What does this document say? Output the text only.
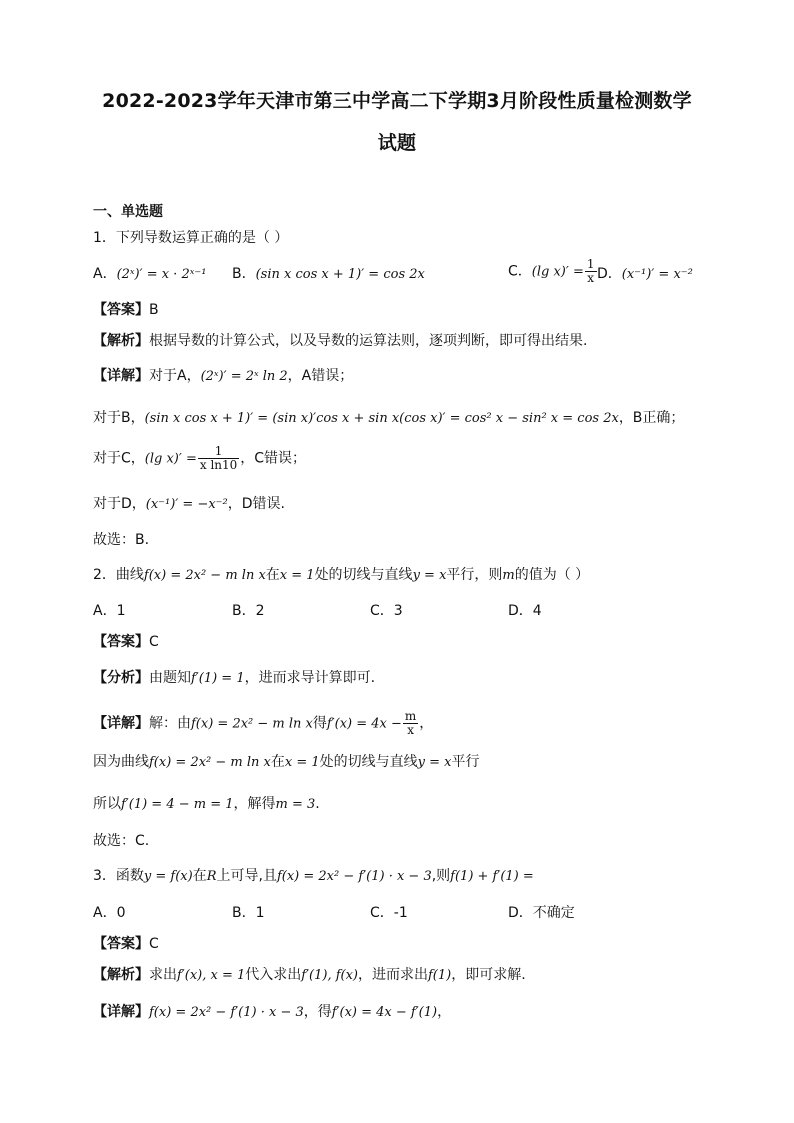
2022-2023学年天津市第三中学高二下学期3月阶段性质量检测数学
试题
一、单选题
1．下列导数运算正确的是（ ）
A．(2ˣ)′ = x · 2ˣ⁻¹ B．(sin x cos x + 1)′ = cos 2x	C．(lg $x)' = \frac{1}{x}$ D．(x⁻¹)′ = x⁻²
【答案】B
【解析】根据导数的计算公式，以及导数的运算法则，逐项判断，即可得出结果.
【详解】对于A，(2ˣ)′ = 2ˣ ln 2，A错误；
对于B，(sin x cos x + 1)′ = (sin x)′cos x + sin x(cos x)′ = cos² x − sin² x = cos 2x，B正确；
对于C，(lg $x)' = \frac{1}{\text{x ln10}}$ ，C错误；
对于D，(x⁻¹)′ = −x⁻²，D错误.
故选：B.
2．曲线f(x) = 2x² − m ln x在x = 1处的切线与直线y = x平行，则m的值为（ ）
A．1	B．2	C．3	D．4
【答案】C
【分析】由题知f′(1) = 1，进而求导计算即可.
【详解】解：由f(x) = 2x² − m ln x得$f'(x) = 4x - \frac{m}{x}$ ，
因为曲线f(x) = 2x² − m ln x在x = 1处的切线与直线y = x平行
所以f′(1) = 4 − m = 1，解得m = 3.
故选：C.
3．函数y = f(x)在R上可导,且f(x) = 2x² − f′(1) · x − 3,则f(1) + f′(1) =
A．0	B．1	C．-1	D．不确定
【答案】C
【解析】求出f′(x), x = 1代入求出f′(1), f(x)，进而求出f(1)，即可求解.
【详解】f(x) = 2x² − f′(1) · x − 3，得f′(x) = 4x − f′(1)，
